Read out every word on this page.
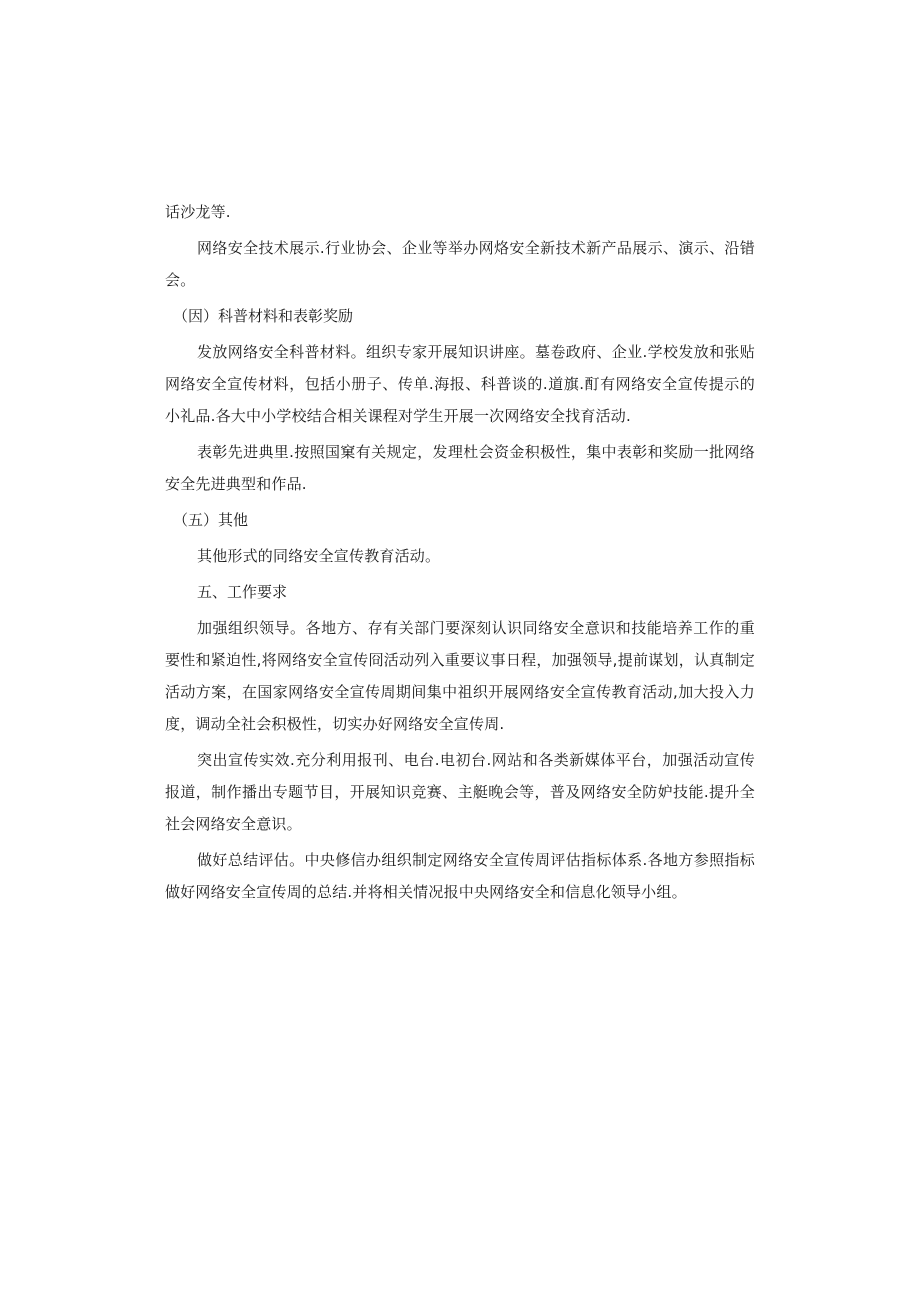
话沙龙等.

网络安全技术展示.行业协会、企业等举办网烙安全新技术新产品展示、演示、沿错会。

（因）科普材料和表彰奖励

发放网络安全科普材料。组织专家开展知识讲座。墓卷政府、企业.学校发放和张贴网络安全宣传材料，包括小册子、传单.海报、科普谈的.道旗.酊有网络安全宣传提示的小礼品.各大中小学校结合相关课程对学生开展一次网络安全找育活动.

表彰先进典里.按照国窠有关规定，发理杜会资金积极性，集中表彰和奖励一批网络安全先进典型和作品.

（五）其他

其他形式的同络安全宣传教育活动。

五、工作要求

加强组织领导。各地方、存有关部门要深刻认识同络安全意识和技能培养工作的重要性和紧迫性,将网络安全宣传冏活动列入重要议事日程，加强领导,提前谋划，认真制定活动方案，在国家网络安全宣传周期间集中祖织开展网络安全宣传教育活动,加大投入力度，调动全社会积极性，切实办好网络安全宣传周.

突出宣传实效.充分利用报刊、电台.电初台.网站和各类新媒体平台，加强活动宣传报道，制作播出专题节目，开展知识竞赛、主艇晚会等，普及网络安全防妒技能.提升全社会网络安全意识。

做好总结评估。中央修信办组织制定网络安全宣传周评估指标体系.各地方参照指标做好网络安全宣传周的总结.并将相关情况报中央网络安全和信息化领导小组。
